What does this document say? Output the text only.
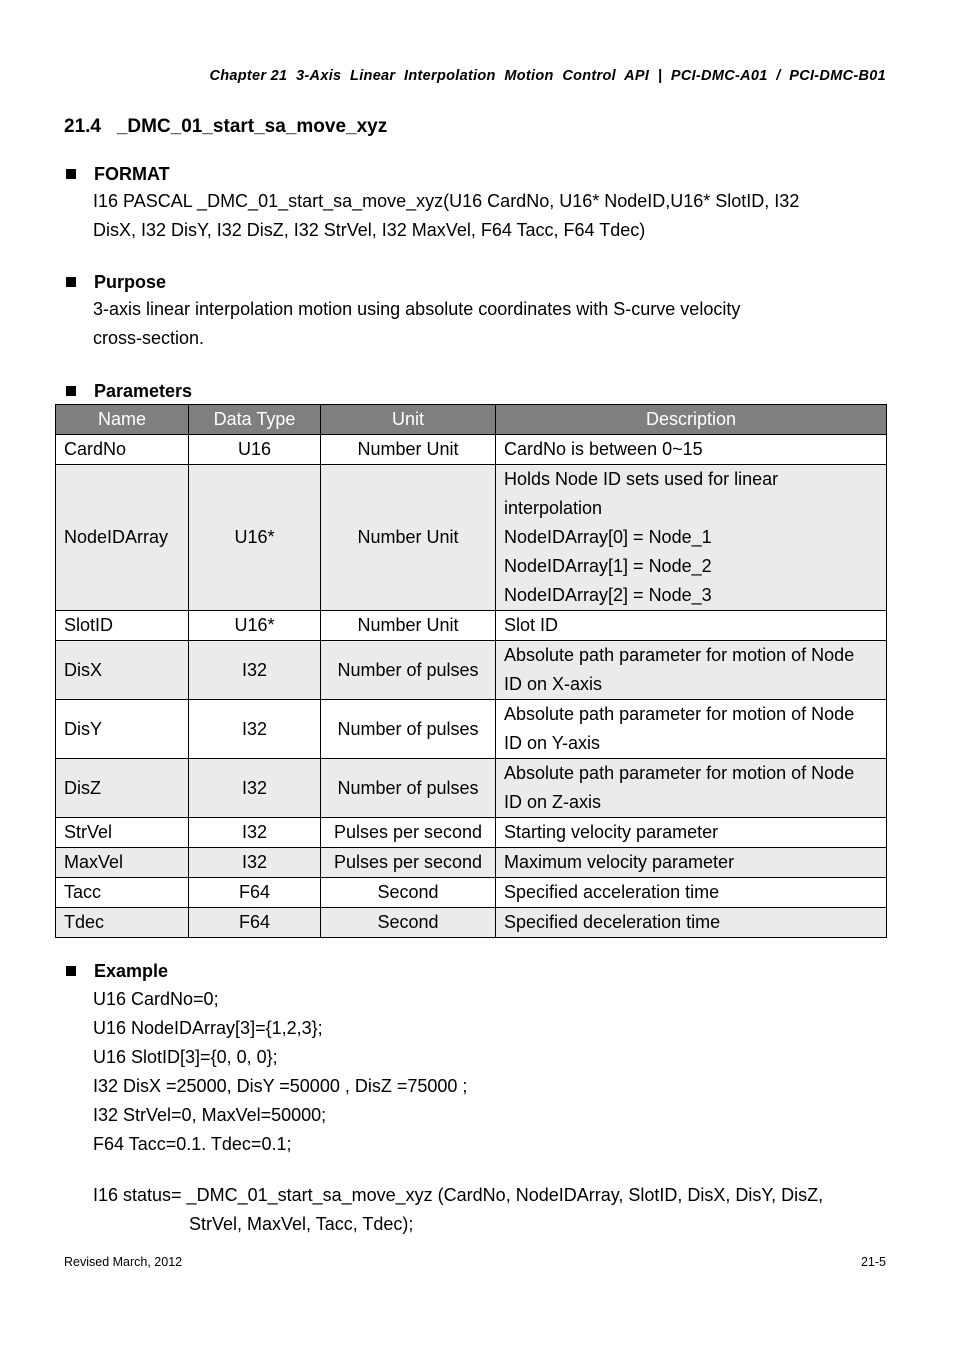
Chapter 21  3-Axis  Linear  Interpolation  Motion  Control  API  |  PCI-DMC-A01  /  PCI-DMC-B01
21.4 _DMC_01_start_sa_move_xyz
FORMAT

I16 PASCAL _DMC_01_start_sa_move_xyz(U16 CardNo, U16* NodeID,U16* SlotID, I32

DisX, I32 DisY, I32 DisZ, I32 StrVel, I32 MaxVel, F64 Tacc, F64 Tdec)

Purpose

3-axis linear interpolation motion using absolute coordinates with S-curve velocity

cross-section.

Parameters
Name	Data Type	Unit	Description
CardNo	U16	Number Unit	CardNo is between 0~15

NodeIDArray	U16*	Number Unit	Holds Node ID sets used for linear
interpolation
NodeIDArray[0] = Node_1
NodeIDArray[1] = Node_2
NodeIDArray[2] = Node_3

SlotID	U16*	Number Unit	Slot ID

DisX	I32	Number of pulses	Absolute path parameter for motion of Node
ID on X-axis

DisY	I32	Number of pulses	Absolute path parameter for motion of Node
ID on Y-axis

DisZ	I32	Number of pulses	Absolute path parameter for motion of Node
ID on Z-axis

StrVel	I32	Pulses per second	Starting velocity parameter

MaxVel	I32	Pulses per second	Maximum velocity parameter

Tacc	F64	Second	Specified acceleration time

Tdec	F64	Second	Specified deceleration time
Example
U16 CardNo=0;
U16 NodeIDArray[3]={1,2,3};
U16 SlotID[3]={0, 0, 0};
I32 DisX =25000, DisY =50000 , DisZ =75000 ;
I32 StrVel=0, MaxVel=50000;
F64 Tacc=0.1. Tdec=0.1;
I16 status= _DMC_01_start_sa_move_xyz (CardNo, NodeIDArray, SlotID, DisX, DisY, DisZ,
StrVel, MaxVel, Tacc, Tdec);
Revised March, 2012	21-5
